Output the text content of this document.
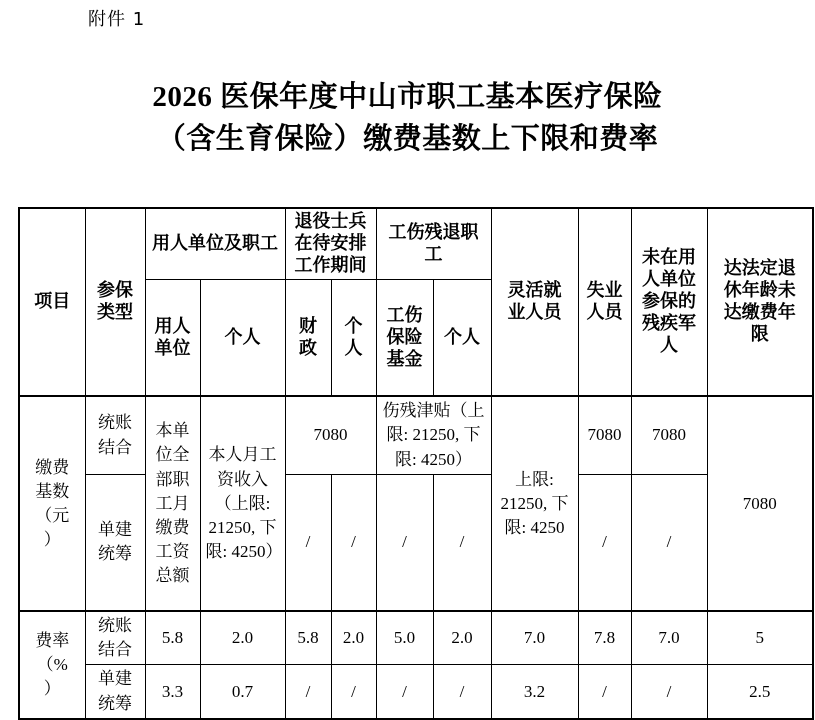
附件 1
2026 医保年度中山市职工基本医疗保险
（含生育保险）缴费基数上下限和费率
项目	参保类型	用人单位及职工		退役士兵在待安排工作期间		工伤残退职工		灵活就业人员	失业人员	未在用人单位参保的残疾军人	达法定退休年龄未达缴费年限
		用人单位	个人	财政	个人	工伤保险基金	个人				
缴费基数（元）	统账结合	本单位全部职工月缴费工资总额	本人月工资收入（上限: 21250, 下限: 4250）	7080		伤残津贴（上限: 21250, 下限: 4250）		上限: 21250, 下限: 4250	7080	7080	7080
	单建统筹			/	/	/	/		/	/	
费率（%）	统账结合	5.8	2.0	5.8	2.0	5.0	2.0	7.0	7.8	7.0	5
	单建统筹	3.3	0.7	/	/	/	/	3.2	/	/	2.5
